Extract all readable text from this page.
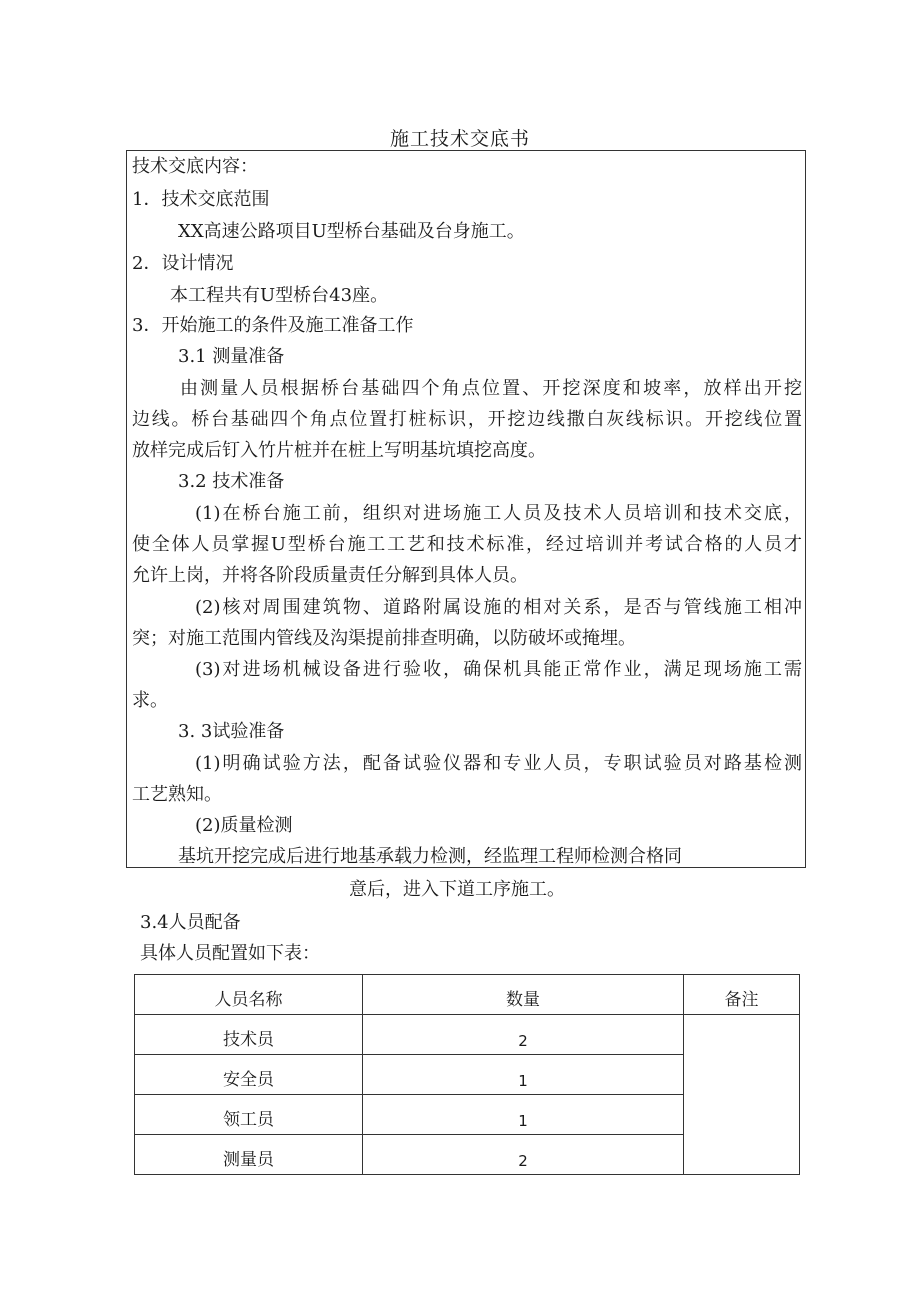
施工技术交底书
技术交底内容：
1．技术交底范围
XX高速公路项目U型桥台基础及台身施工。
2．设计情况
本工程共有U型桥台43座。
3．开始施工的条件及施工准备工作
3.1 测量准备
由测量人员根据桥台基础四个角点位置、开挖深度和坡率，放样出开挖
边线。桥台基础四个角点位置打桩标识，开挖边线撒白灰线标识。开挖线位置
放样完成后钉入竹片桩并在桩上写明基坑填挖高度。
3.2 技术准备
(1)在桥台施工前，组织对进场施工人员及技术人员培训和技术交底，
使全体人员掌握U型桥台施工工艺和技术标准，经过培训并考试合格的人员才
允许上岗，并将各阶段质量责任分解到具体人员。
(2)核对周围建筑物、道路附属设施的相对关系，是否与管线施工相冲
突；对施工范围内管线及沟渠提前排查明确，以防破坏或掩埋。
(3)对进场机械设备进行验收，确保机具能正常作业，满足现场施工需
求。
3. 3试验准备
(1)明确试验方法，配备试验仪器和专业人员，专职试验员对路基检测
工艺熟知。
(2)质量检测
基坑开挖完成后进行地基承载力检测，经监理工程师检测合格同
意后，进入下道工序施工。
3.4人员配备
具体人员配置如下表：
人员名称	数量	备注
技术员	2	
安全员	1	
领工员	1	
测量员	2	
